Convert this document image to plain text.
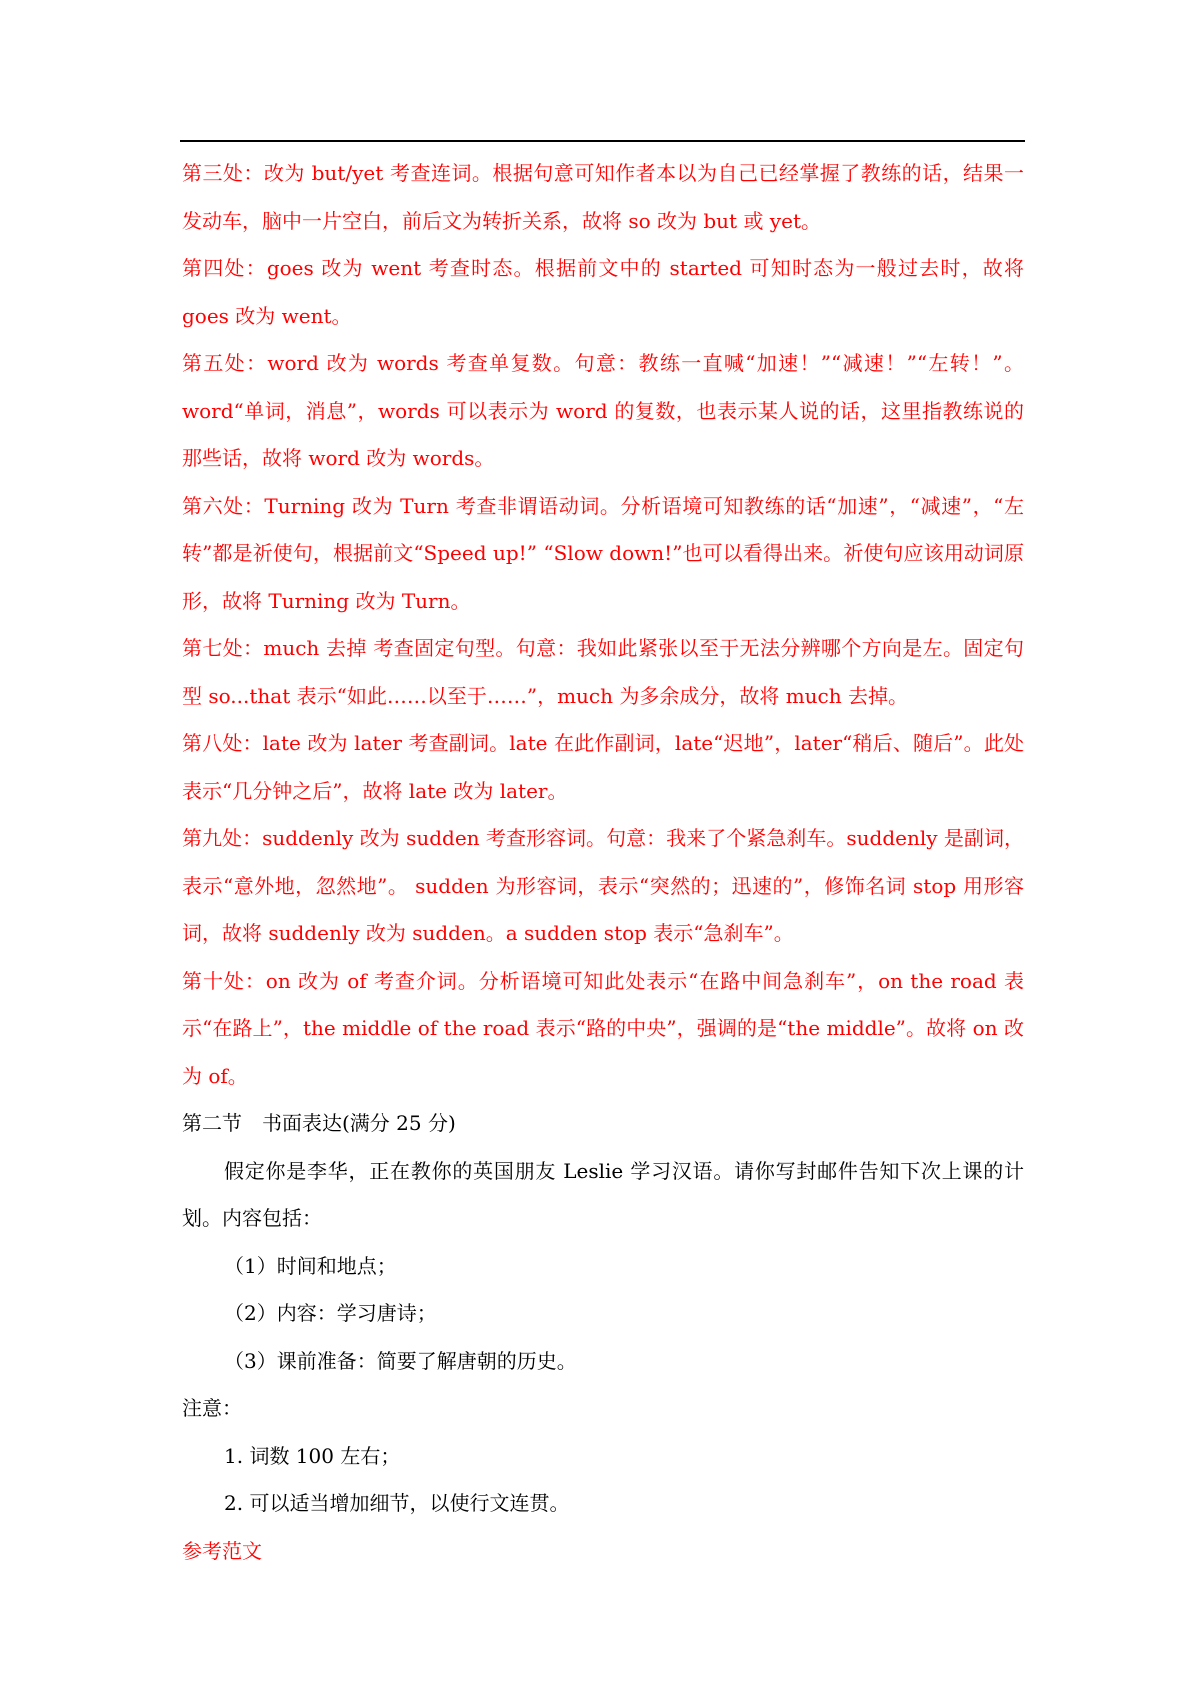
第三处：改为 but/yet 考查连词。根据句意可知作者本以为自己已经掌握了教练的话，结果一发动车，脑中一片空白，前后文为转折关系，故将 so 改为 but 或 yet。

第四处：goes 改为 went 考查时态。根据前文中的 started 可知时态为一般过去时，故将 goes 改为 went。

第五处：word 改为 words 考查单复数。句意：教练一直喊“加速！”“减速！”“左转！”。word“单词，消息”，words 可以表示为 word 的复数，也表示某人说的话，这里指教练说的那些话，故将 word 改为 words。

第六处：Turning 改为 Turn 考查非谓语动词。分析语境可知教练的话“加速”，“减速”，“左转”都是祈使句，根据前文“Speed up!” “Slow down!”也可以看得出来。祈使句应该用动词原形，故将 Turning 改为 Turn。

第七处：much 去掉 考查固定句型。句意：我如此紧张以至于无法分辨哪个方向是左。固定句型 so...that 表示“如此……以至于……”，much 为多余成分，故将 much 去掉。

第八处：late 改为 later 考查副词。late 在此作副词，late“迟地”，later“稍后、随后”。此处表示“几分钟之后”，故将 late 改为 later。

第九处：suddenly 改为 sudden 考查形容词。句意：我来了个紧急刹车。suddenly 是副词，表示“意外地，忽然地”。 sudden 为形容词，表示“突然的；迅速的”，修饰名词 stop 用形容词，故将 suddenly 改为 sudden。a sudden stop 表示“急刹车”。

第十处：on 改为 of 考查介词。分析语境可知此处表示“在路中间急刹车”，on the road 表示“在路上”，the middle of the road 表示“路的中央”，强调的是“the middle”。故将 on 改为 of。

第二节　书面表达(满分 25 分)

假定你是李华，正在教你的英国朋友 Leslie 学习汉语。请你写封邮件告知下次上课的计划。内容包括：

（1）时间和地点；

（2）内容：学习唐诗；

（3）课前准备：简要了解唐朝的历史。

注意：

1. 词数 100 左右；

2. 可以适当增加细节，以使行文连贯。

参考范文
